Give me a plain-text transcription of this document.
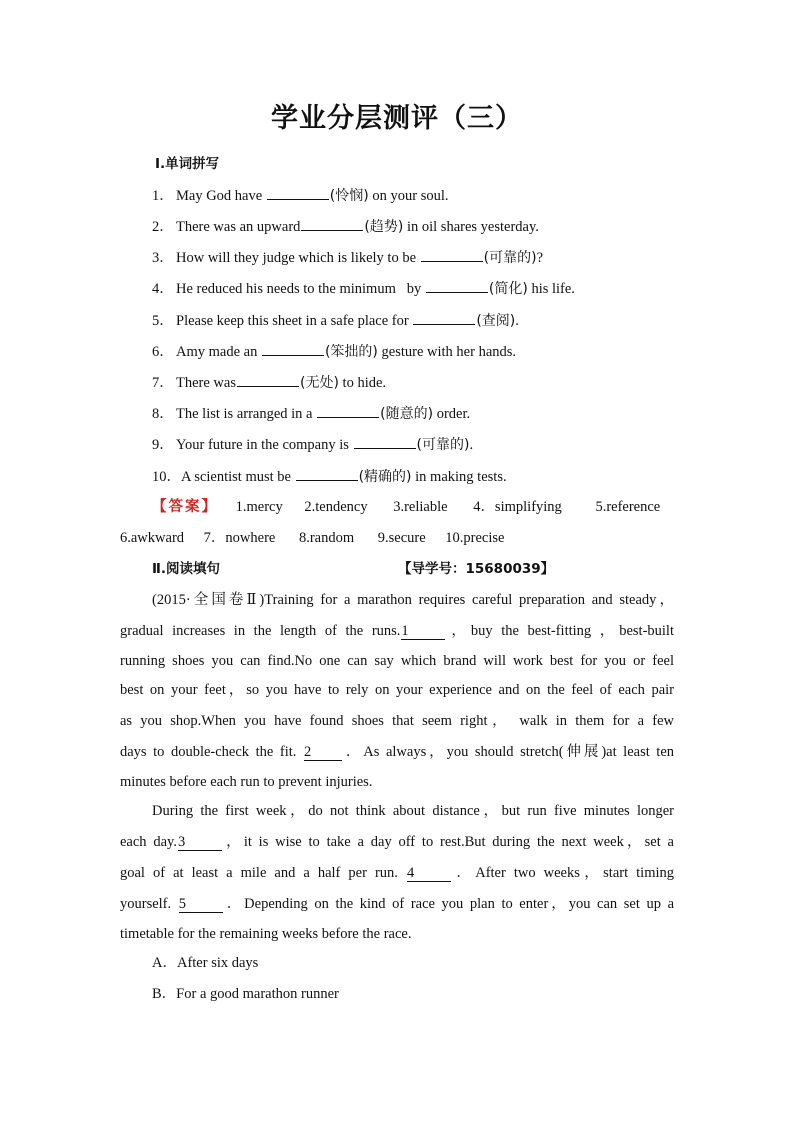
学业分层测评（三）
Ⅰ.单词拼写
1． May God have	(怜悯) on your soul.
2． There was an upward	(趋势) in oil shares yesterday.
3． How will they judge which is likely to be	(可靠的)?
4． He reduced his needs to the minimum   by	(简化) his life.
5． Please keep this sheet in a safe place for	(查阅).
6． Amy made an	(笨拙的) gesture with her hands.
7． There was	(无处) to hide.
8． The list is arranged in a	(随意的) order.
9． Your future in the company is	(可靠的).
10．A scientist must be	(精确的) in making tests.
【答案】 1.mercy 2.tendency 3.reliable 4．simplifying 5.reference
6.awkward 7．nowhere 8.random 9.secure 10.precise
Ⅱ.阅读填句	【导学号：15680039】
(2015·全国卷Ⅱ)Training for a marathon requires careful preparation and steady，
gradual increases in the length of the runs.1	，buy the best-fitting ，best-built
running shoes you can find.No one can say which brand will work best for you or feel
best on your feet，so you have to rely on your experience and on the feel of each pair
as you shop.When you have found shoes that seem right， walk in them for a few
days to double-check the fit. 2 ．As always，you should stretch(伸展)at least ten
minutes before each run to prevent injuries.
During the first week，do not think about distance，but run five minutes longer
each day.3	，it is wise to take a day off to rest.But during the next week，set a
goal of at least a mile and a half per run. 4	．After two weeks，start timing
yourself. 5	．Depending on the kind of race you plan to enter，you can set up a
timetable for the remaining weeks before the race.
A．After six days
B．For a good marathon runner
